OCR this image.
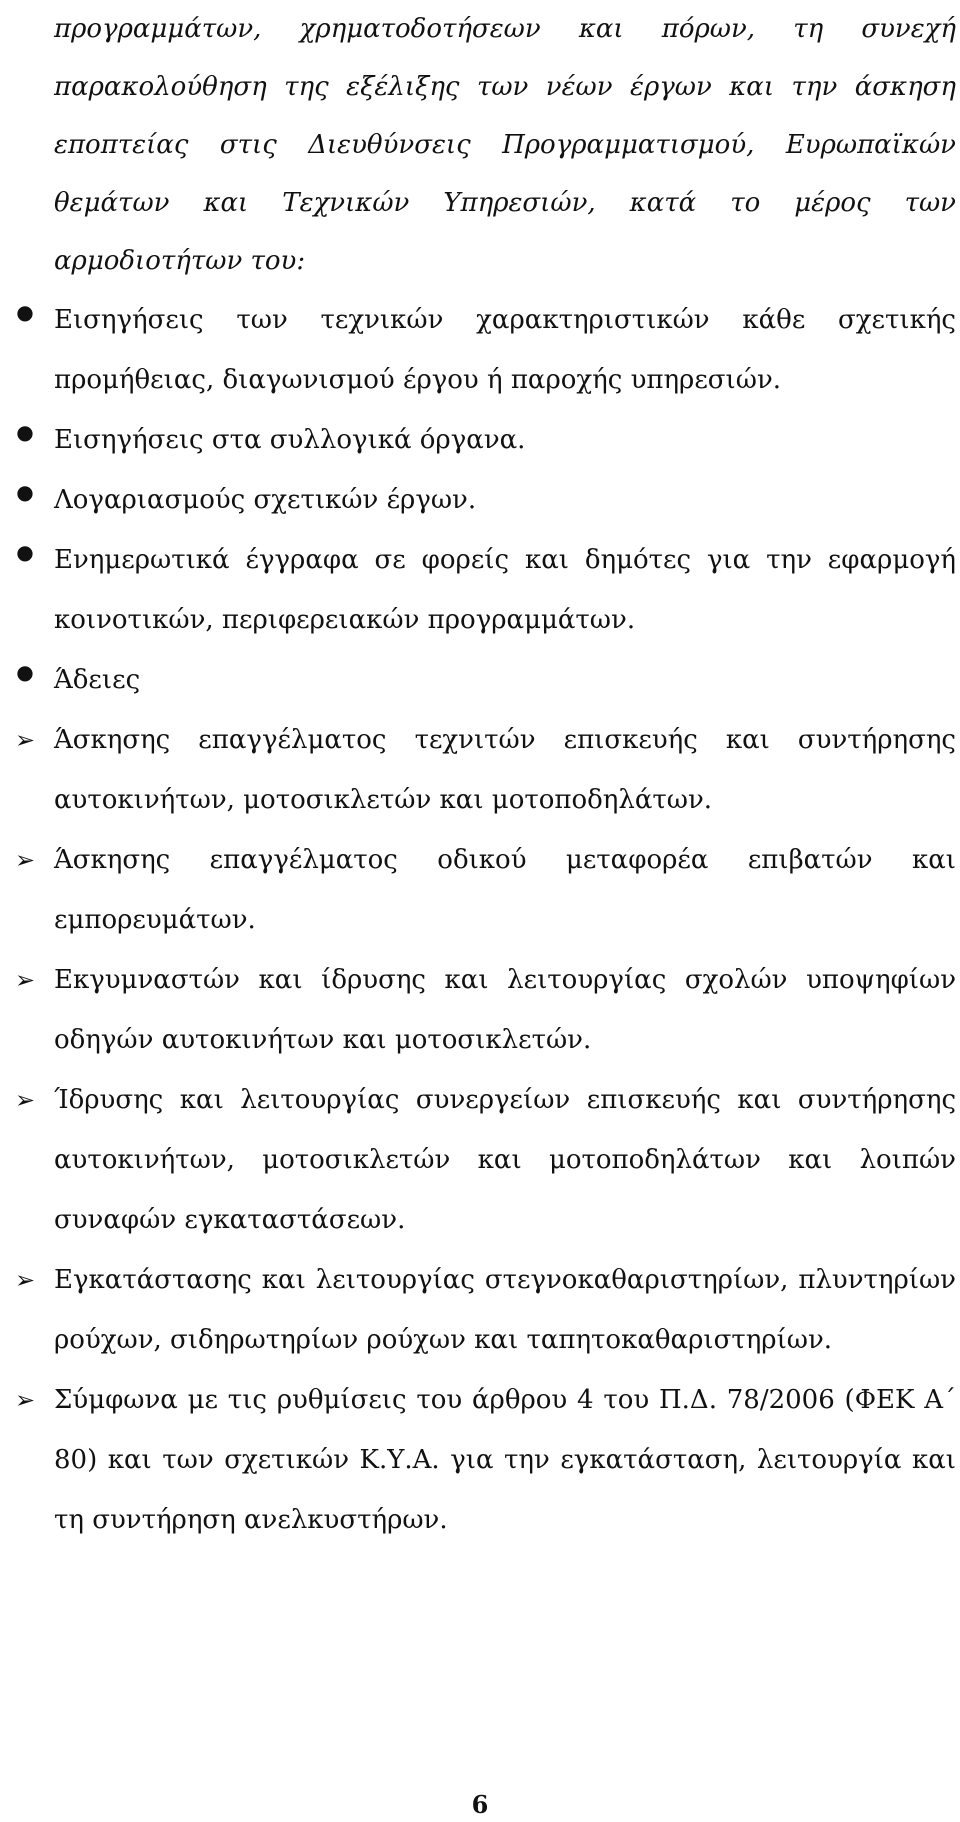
προγραμμάτων, χρηματοδοτήσεων και πόρων, τη συνεχή παρακολούθηση της εξέλιξης των νέων έργων και την άσκηση εποπτείας στις Διευθύνσεις Προγραμματισμού, Ευρωπαϊκών θεμάτων και Τεχνικών Υπηρεσιών, κατά το μέρος των αρμοδιοτήτων του:

● Εισηγήσεις των τεχνικών χαρακτηριστικών κάθε σχετικής προμήθειας, διαγωνισμού έργου ή παροχής υπηρεσιών.
● Εισηγήσεις στα συλλογικά όργανα.
● Λογαριασμούς σχετικών έργων.
● Ενημερωτικά έγγραφα σε φορείς και δημότες για την εφαρμογή κοινοτικών, περιφερειακών προγραμμάτων.
● Άδειες
➢ Άσκησης επαγγέλματος τεχνιτών επισκευής και συντήρησης αυτοκινήτων, μοτοσικλετών και μοτοποδηλάτων.
➢ Άσκησης επαγγέλματος οδικού μεταφορέα επιβατών και εμπορευμάτων.
➢ Εκγυμναστών και ίδρυσης και λειτουργίας σχολών υποψηφίων οδηγών αυτοκινήτων και μοτοσικλετών.
➢ Ίδρυσης και λειτουργίας συνεργείων επισκευής και συντήρησης αυτοκινήτων, μοτοσικλετών και μοτοποδηλάτων και λοιπών συναφών εγκαταστάσεων.
➢ Εγκατάστασης και λειτουργίας στεγνοκαθαριστηρίων, πλυντηρίων ρούχων, σιδηρωτηρίων ρούχων και ταπητοκαθαριστηρίων.
➢ Σύμφωνα με τις ρυθμίσεις του άρθρου 4 του Π.Δ. 78/2006 (ΦΕΚ Α΄ 80) και των σχετικών Κ.Υ.Α. για την εγκατάσταση, λειτουργία και τη συντήρηση ανελκυστήρων.
6
